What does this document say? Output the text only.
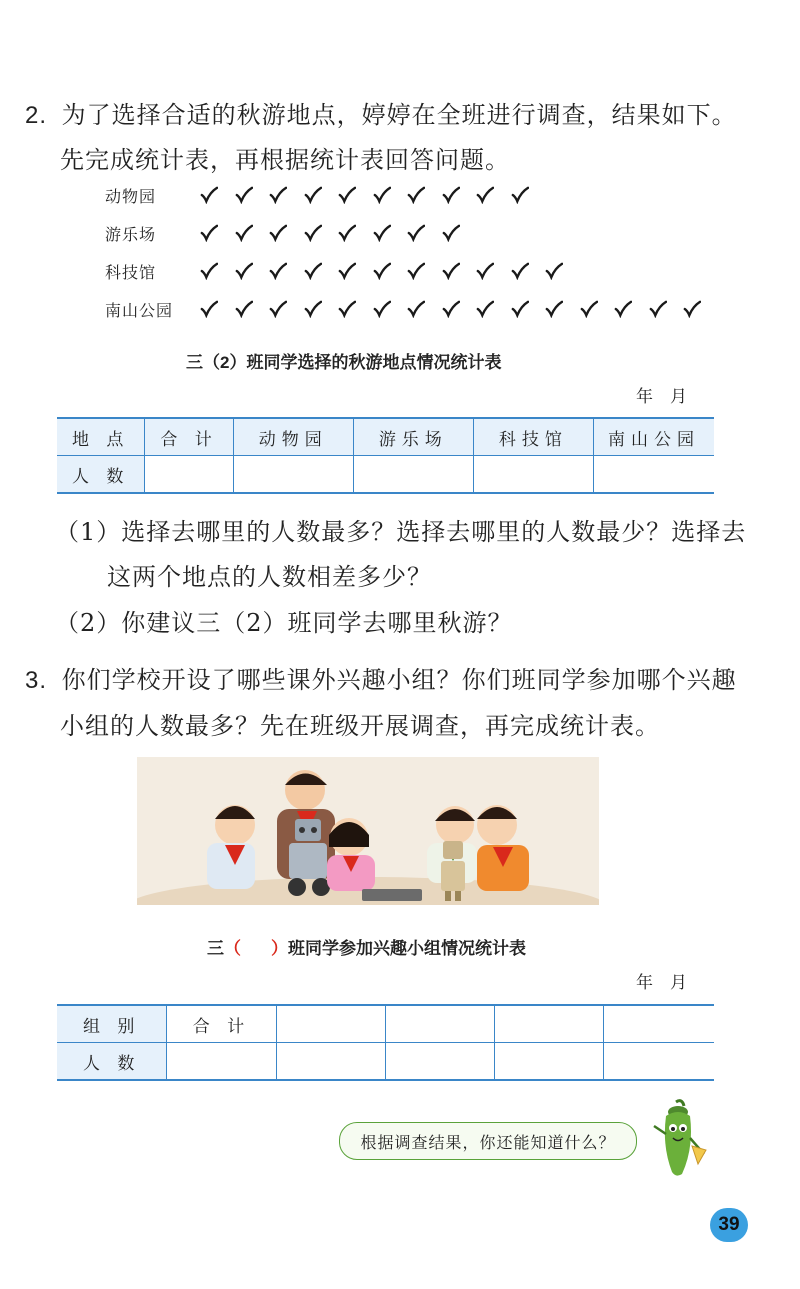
2. 为了选择合适的秋游地点，婷婷在全班进行调查，结果如下。
先完成统计表，再根据统计表回答问题。
动物园
游乐场
科技馆
南山公园
三（2）班同学选择的秋游地点情况统计表
年　月
地 点	合 计	动物园	游乐场	科技馆	南山公园
人 数					
（1）选择去哪里的人数最多？选择去哪里的人数最少？选择去
这两个地点的人数相差多少？
（2）你建议三（2）班同学去哪里秋游？
3. 你们学校开设了哪些课外兴趣小组？你们班同学参加哪个兴趣
小组的人数最多？先在班级开展调查，再完成统计表。
三（ ）班同学参加兴趣小组情况统计表
年　月
组 别	合 计				
人 数					
根据调查结果，你还能知道什么？
39
